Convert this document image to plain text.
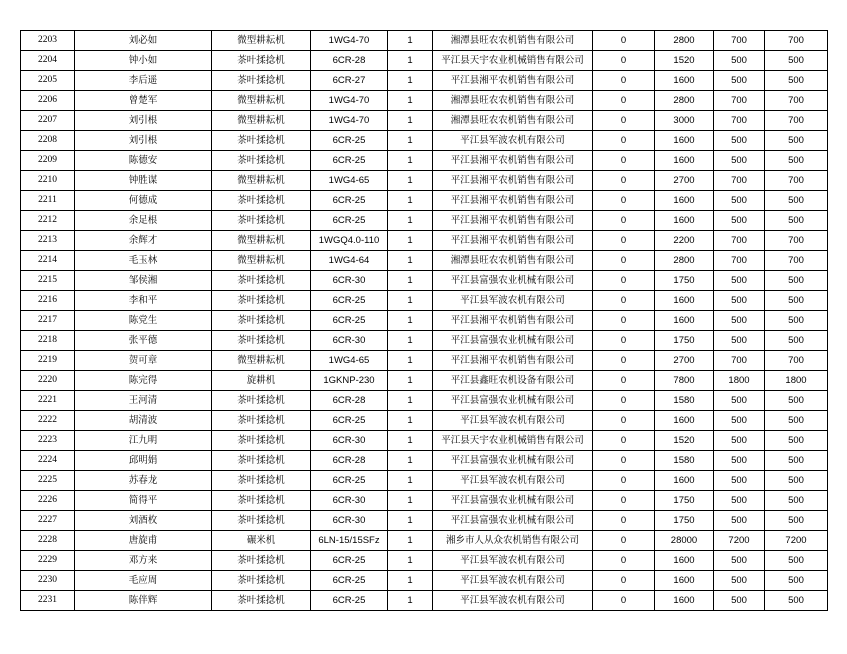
2203	刘必如	微型耕耘机	1WG4-70	1	湘潭县旺农农机销售有限公司	0	2800	700	700
2204	钟小如	茶叶揉捻机	6CR-28	1	平江县天宇农业机械销售有限公司	0	1520	500	500
2205	李后遥	茶叶揉捻机	6CR-27	1	平江县湘平农机销售有限公司	0	1600	500	500
2206	曾楚军	微型耕耘机	1WG4-70	1	湘潭县旺农农机销售有限公司	0	2800	700	700
2207	刘引根	微型耕耘机	1WG4-70	1	湘潭县旺农农机销售有限公司	0	3000	700	700
2208	刘引根	茶叶揉捻机	6CR-25	1	平江县军波农机有限公司	0	1600	500	500
2209	陈德安	茶叶揉捻机	6CR-25	1	平江县湘平农机销售有限公司	0	1600	500	500
2210	钟胜谋	微型耕耘机	1WG4-65	1	平江县湘平农机销售有限公司	0	2700	700	700
2211	何德成	茶叶揉捻机	6CR-25	1	平江县湘平农机销售有限公司	0	1600	500	500
2212	余足根	茶叶揉捻机	6CR-25	1	平江县湘平农机销售有限公司	0	1600	500	500
2213	余辉才	微型耕耘机	1WGQ4.0-110	1	平江县湘平农机销售有限公司	0	2200	700	700
2214	毛玉林	微型耕耘机	1WG4-64	1	湘潭县旺农农机销售有限公司	0	2800	700	700
2215	邹侯湘	茶叶揉捻机	6CR-30	1	平江县富强农业机械有限公司	0	1750	500	500
2216	李和平	茶叶揉捻机	6CR-25	1	平江县军波农机有限公司	0	1600	500	500
2217	陈党生	茶叶揉捻机	6CR-25	1	平江县湘平农机销售有限公司	0	1600	500	500
2218	张平德	茶叶揉捻机	6CR-30	1	平江县富强农业机械有限公司	0	1750	500	500
2219	贺可章	微型耕耘机	1WG4-65	1	平江县湘平农机销售有限公司	0	2700	700	700
2220	陈完得	旋耕机	1GKNP-230	1	平江县鑫旺农机设备有限公司	0	7800	1800	1800
2221	王河清	茶叶揉捻机	6CR-28	1	平江县富强农业机械有限公司	0	1580	500	500
2222	胡清波	茶叶揉捻机	6CR-25	1	平江县军波农机有限公司	0	1600	500	500
2223	江九明	茶叶揉捻机	6CR-30	1	平江县天宇农业机械销售有限公司	0	1520	500	500
2224	邱明娟	茶叶揉捻机	6CR-28	1	平江县富强农业机械有限公司	0	1580	500	500
2225	苏春龙	茶叶揉捻机	6CR-25	1	平江县军波农机有限公司	0	1600	500	500
2226	简得平	茶叶揉捻机	6CR-30	1	平江县富强农业机械有限公司	0	1750	500	500
2227	刘酒枚	茶叶揉捻机	6CR-30	1	平江县富强农业机械有限公司	0	1750	500	500
2228	唐旋甫	碾米机	6LN-15/15SFz	1	湘乡市人从众农机销售有限公司	0	28000	7200	7200
2229	邓方来	茶叶揉捻机	6CR-25	1	平江县军波农机有限公司	0	1600	500	500
2230	毛应周	茶叶揉捻机	6CR-25	1	平江县军波农机有限公司	0	1600	500	500
2231	陈伴辉	茶叶揉捻机	6CR-25	1	平江县军波农机有限公司	0	1600	500	500
